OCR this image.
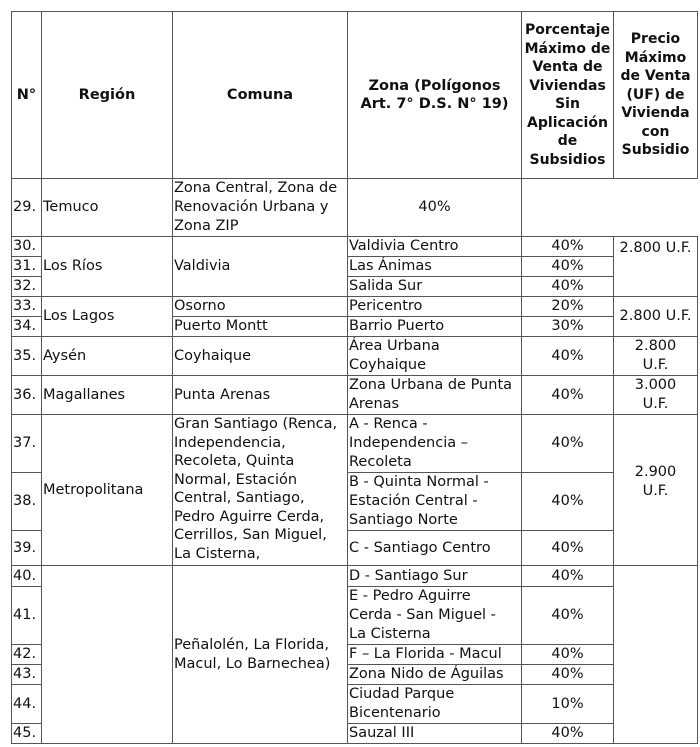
N°	Región	Comuna	Zona (Polígonos Art. 7° D.S. N° 19)	Porcentaje Máximo de Venta de Viviendas Sin Aplicación de Subsidios	Precio Máximo de Venta (UF) de Vivienda con Subsidio
29.	Temuco	Zona Central, Zona de Renovación Urbana y Zona ZIP	40%		
30.	Los Ríos	Valdivia	Valdivia Centro	40%	2.800 U.F.
31.			Las Ánimas	40%	
32.			Salida Sur	40%	
33.	Los Lagos	Osorno	Pericentro	20%	2.800 U.F.
34.		Puerto Montt	Barrio Puerto	30%	
35.	Aysén	Coyhaique	Área Urbana Coyhaique	40%	2.800 U.F.
36.	Magallanes	Punta Arenas	Zona Urbana de Punta Arenas	40%	3.000 U.F.
37.	Metropolitana	Gran Santiago (Renca, Independencia, Recoleta, Quinta Normal, Estación Central, Santiago, Pedro Aguirre Cerda, Cerrillos, San Miguel, La Cisterna,	A - Renca - Independencia – Recoleta	40%	2.900 U.F.
38.			B - Quinta Normal - Estación Central - Santiago Norte	40%	
39.			C - Santiago Centro	40%	
40.		Peñalolén, La Florida, Macul, Lo Barnechea)	D - Santiago Sur	40%	
41.			E - Pedro Aguirre Cerda - San Miguel - La Cisterna	40%	
42.			F – La Florida - Macul	40%	
43.			Zona Nido de Águilas	40%	
44.			Ciudad Parque Bicentenario	10%	
45.			Sauzal III	40%	
